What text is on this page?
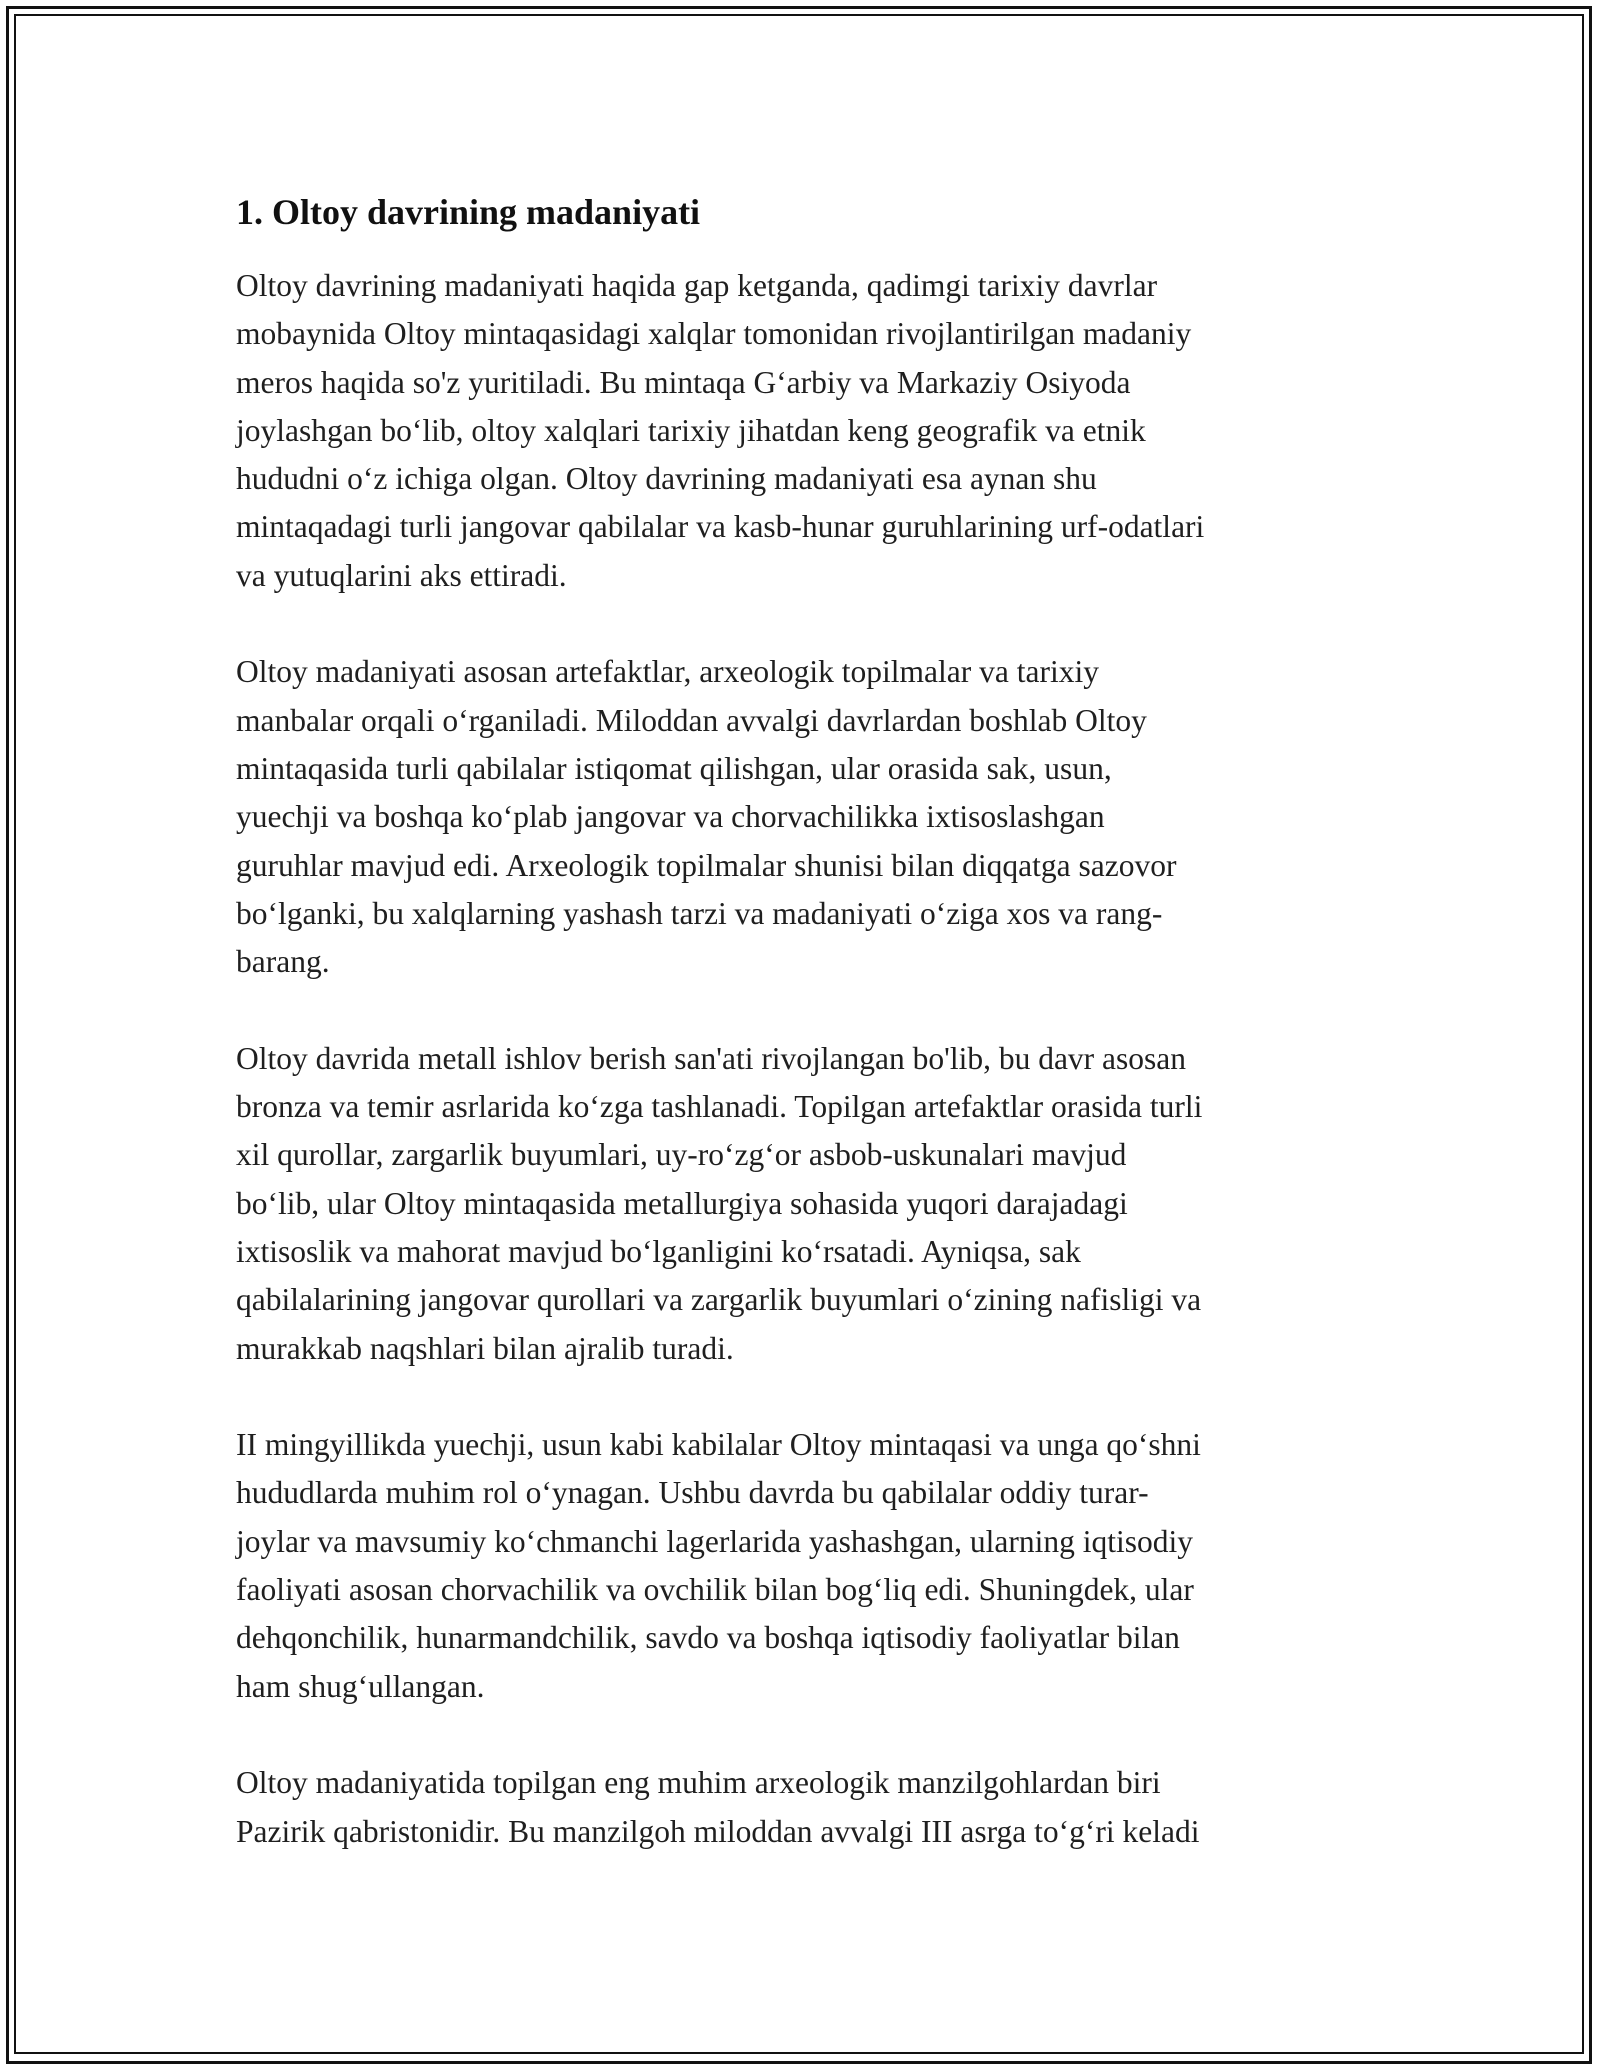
1. Oltoy davrining madaniyati

Oltoy davrining madaniyati haqida gap ketganda, qadimgi tarixiy davrlar
mobaynida Oltoy mintaqasidagi xalqlar tomonidan rivojlantirilgan madaniy
meros haqida so'z yuritiladi. Bu mintaqa G‘arbiy va Markaziy Osiyoda
joylashgan bo‘lib, oltoy xalqlari tarixiy jihatdan keng geografik va etnik
hududni o‘z ichiga olgan. Oltoy davrining madaniyati esa aynan shu
mintaqadagi turli jangovar qabilalar va kasb-hunar guruhlarining urf-odatlari
va yutuqlarini aks ettiradi.

Oltoy madaniyati asosan artefaktlar, arxeologik topilmalar va tarixiy
manbalar orqali o‘rganiladi. Miloddan avvalgi davrlardan boshlab Oltoy
mintaqasida turli qabilalar istiqomat qilishgan, ular orasida sak, usun,
yuechji va boshqa ko‘plab jangovar va chorvachilikka ixtisoslashgan
guruhlar mavjud edi. Arxeologik topilmalar shunisi bilan diqqatga sazovor
bo‘lganki, bu xalqlarning yashash tarzi va madaniyati o‘ziga xos va rang-
barang.

Oltoy davrida metall ishlov berish san'ati rivojlangan bo'lib, bu davr asosan
bronza va temir asrlarida ko‘zga tashlanadi. Topilgan artefaktlar orasida turli
xil qurollar, zargarlik buyumlari, uy-ro‘zg‘or asbob-uskunalari mavjud
bo‘lib, ular Oltoy mintaqasida metallurgiya sohasida yuqori darajadagi
ixtisoslik va mahorat mavjud bo‘lganligini ko‘rsatadi. Ayniqsa, sak
qabilalarining jangovar qurollari va zargarlik buyumlari o‘zining nafisligi va
murakkab naqshlari bilan ajralib turadi.

II mingyillikda yuechji, usun kabi kabilalar Oltoy mintaqasi va unga qo‘shni
hududlarda muhim rol o‘ynagan. Ushbu davrda bu qabilalar oddiy turar-
joylar va mavsumiy ko‘chmanchi lagerlarida yashashgan, ularning iqtisodiy
faoliyati asosan chorvachilik va ovchilik bilan bog‘liq edi. Shuningdek, ular
dehqonchilik, hunarmandchilik, savdo va boshqa iqtisodiy faoliyatlar bilan
ham shug‘ullangan.

Oltoy madaniyatida topilgan eng muhim arxeologik manzilgohlardan biri
Pazirik qabristonidir. Bu manzilgoh miloddan avvalgi III asrga to‘g‘ri keladi
